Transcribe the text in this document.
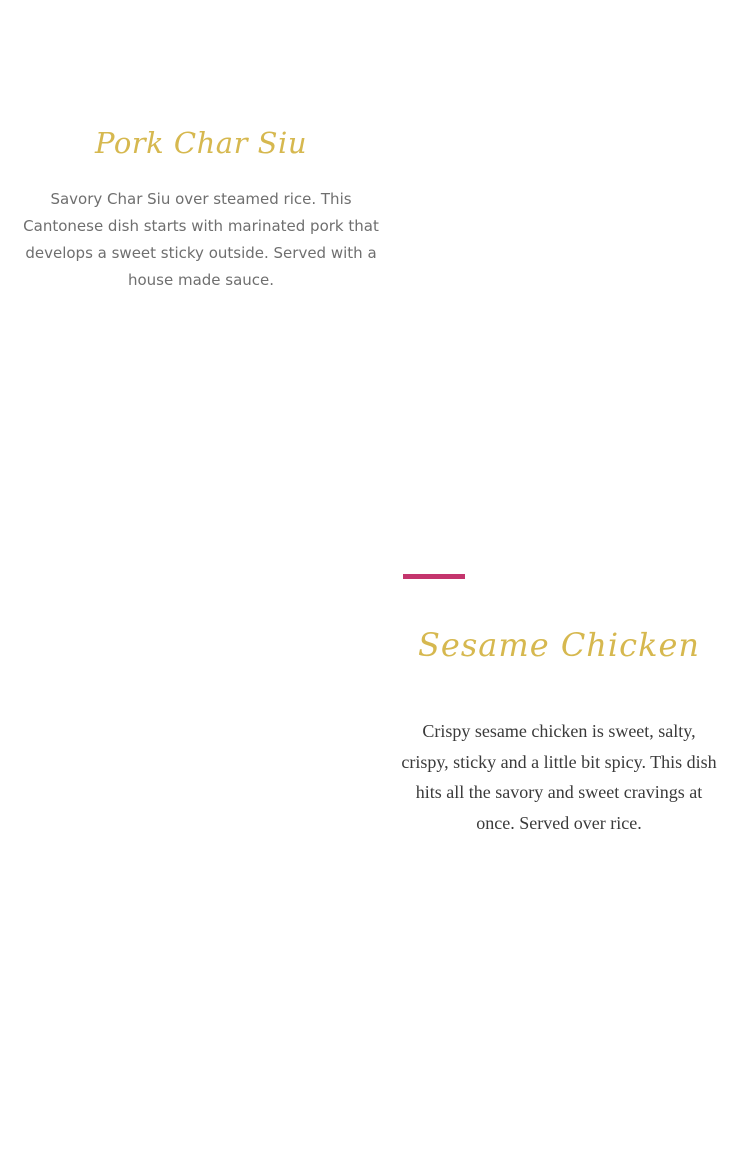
Pork Char Siu

Savory Char Siu over steamed rice. This Cantonese dish starts with marinated pork that develops a sweet sticky outside. Served with a house made sauce.

Sesame Chicken

Crispy sesame chicken is sweet, salty, crispy, sticky and a little bit spicy. This dish hits all the savory and sweet cravings at once. Served over rice.
